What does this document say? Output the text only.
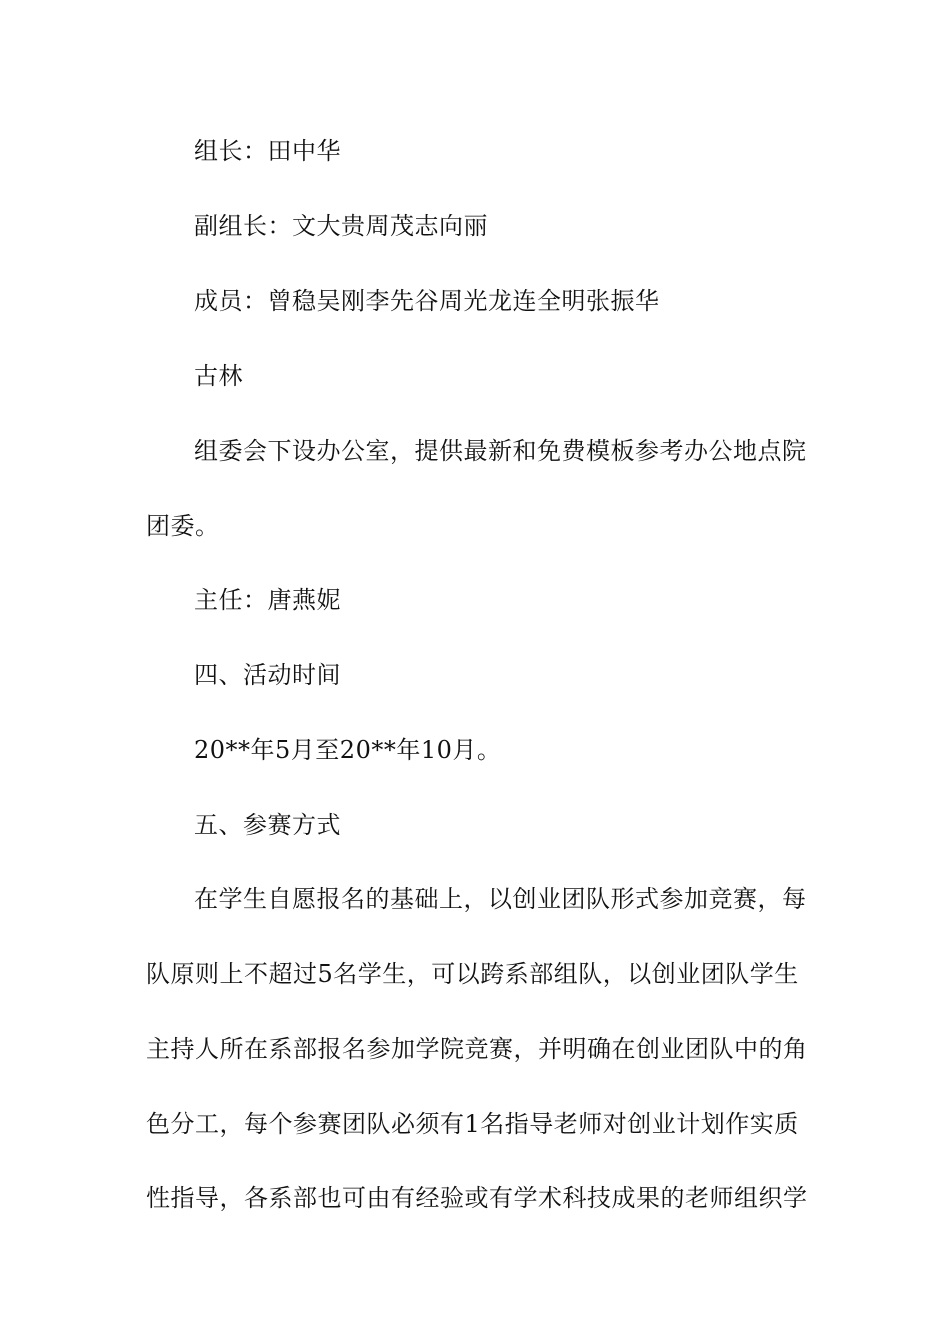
组长：田中华
副组长：文大贵周茂志向丽
成员：曾稳吴刚李先谷周光龙连全明张振华
古林
组委会下设办公室，提供最新和免费模板参考办公地点院
团委。
主任：唐燕妮
四、活动时间
20**年5月至20**年10月。
五、参赛方式
在学生自愿报名的基础上，以创业团队形式参加竞赛，每
队原则上不超过5名学生，可以跨系部组队，以创业团队学生
主持人所在系部报名参加学院竞赛，并明确在创业团队中的角
色分工，每个参赛团队必须有1名指导老师对创业计划作实质
性指导，各系部也可由有经验或有学术科技成果的老师组织学
